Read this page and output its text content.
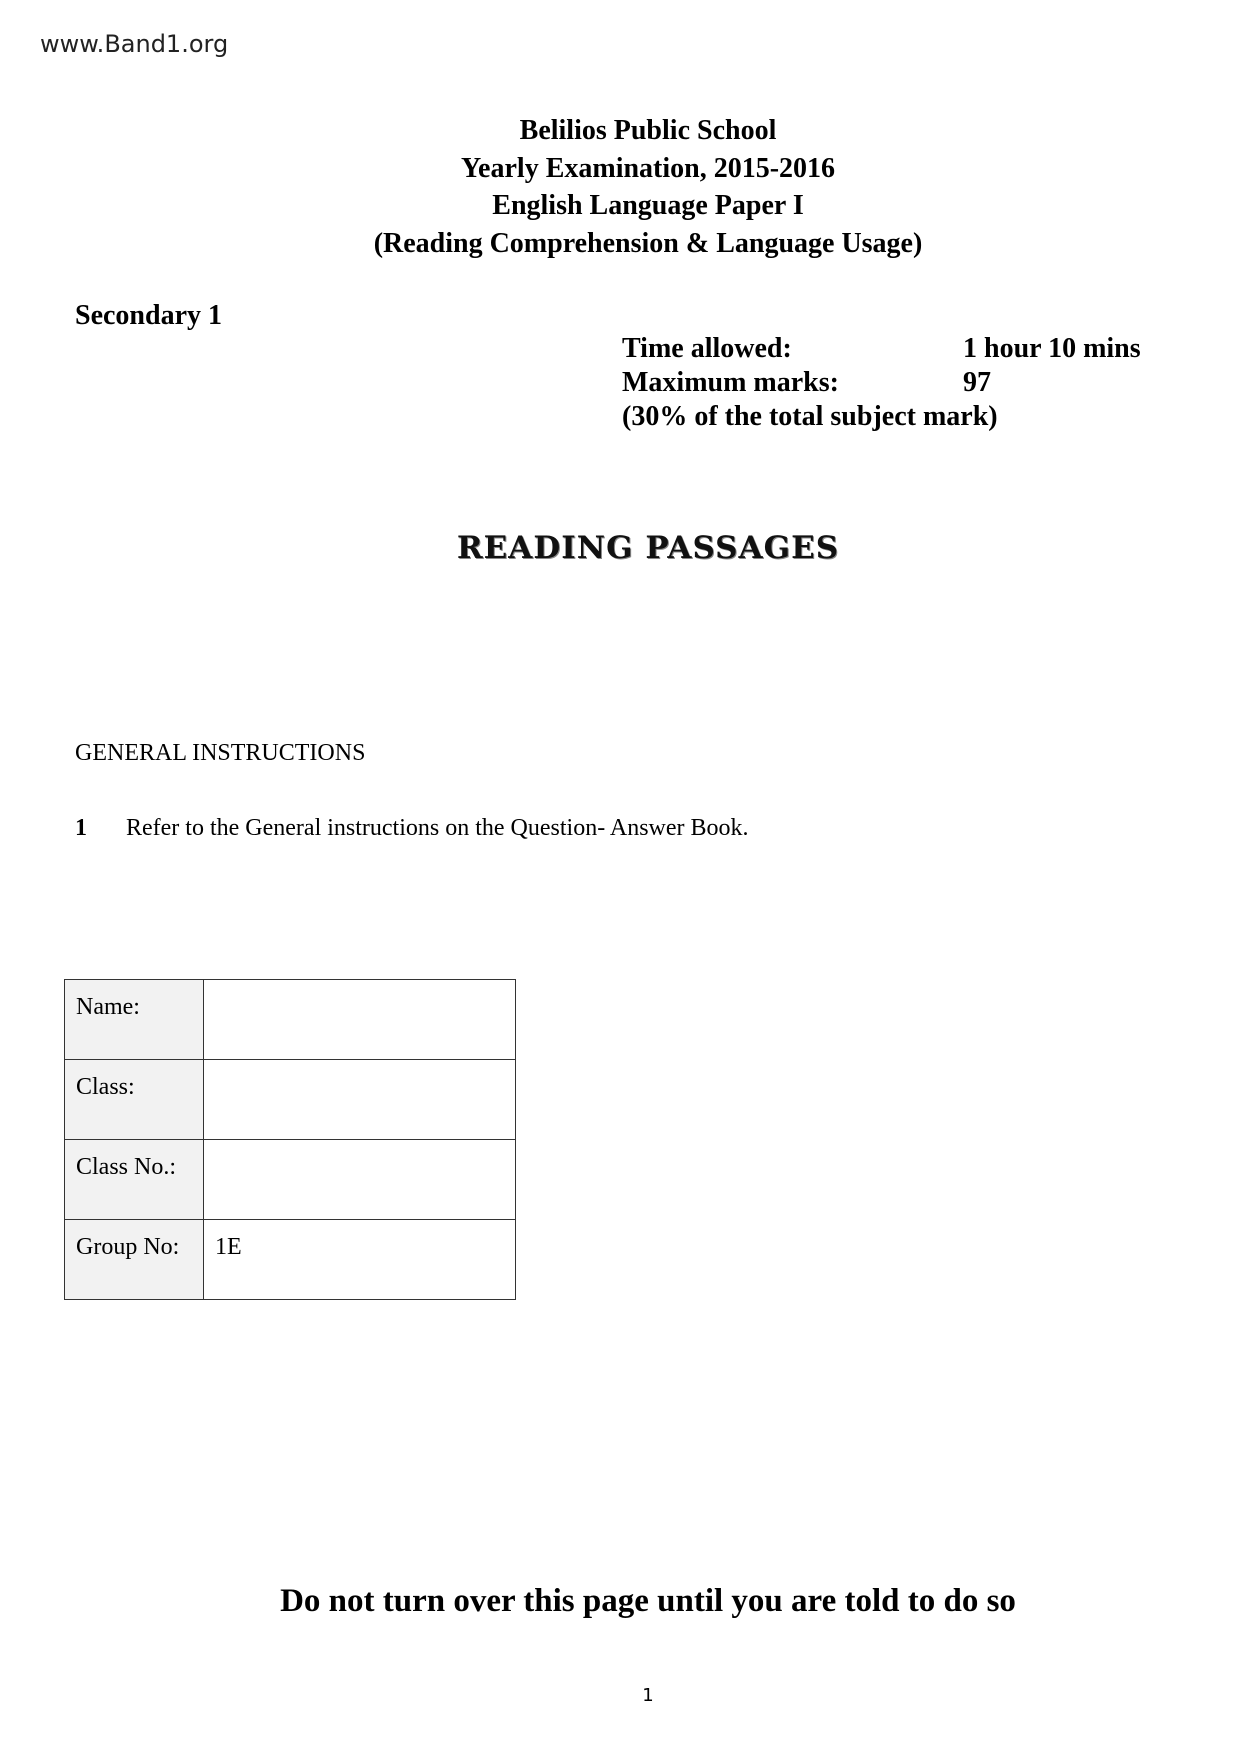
www.Band1.org
Belilios Public School
Yearly Examination, 2015-2016
English Language Paper I
(Reading Comprehension & Language Usage)
Secondary 1
Time allowed:	1 hour 10 mins
Maximum marks:	97
(30% of the total subject mark)
READING PASSAGES
GENERAL INSTRUCTIONS
1 Refer to the General instructions on the Question- Answer Book.
Name:	
Class:	
Class No.:	
Group No:	1E
Do not turn over this page until you are told to do so
1
